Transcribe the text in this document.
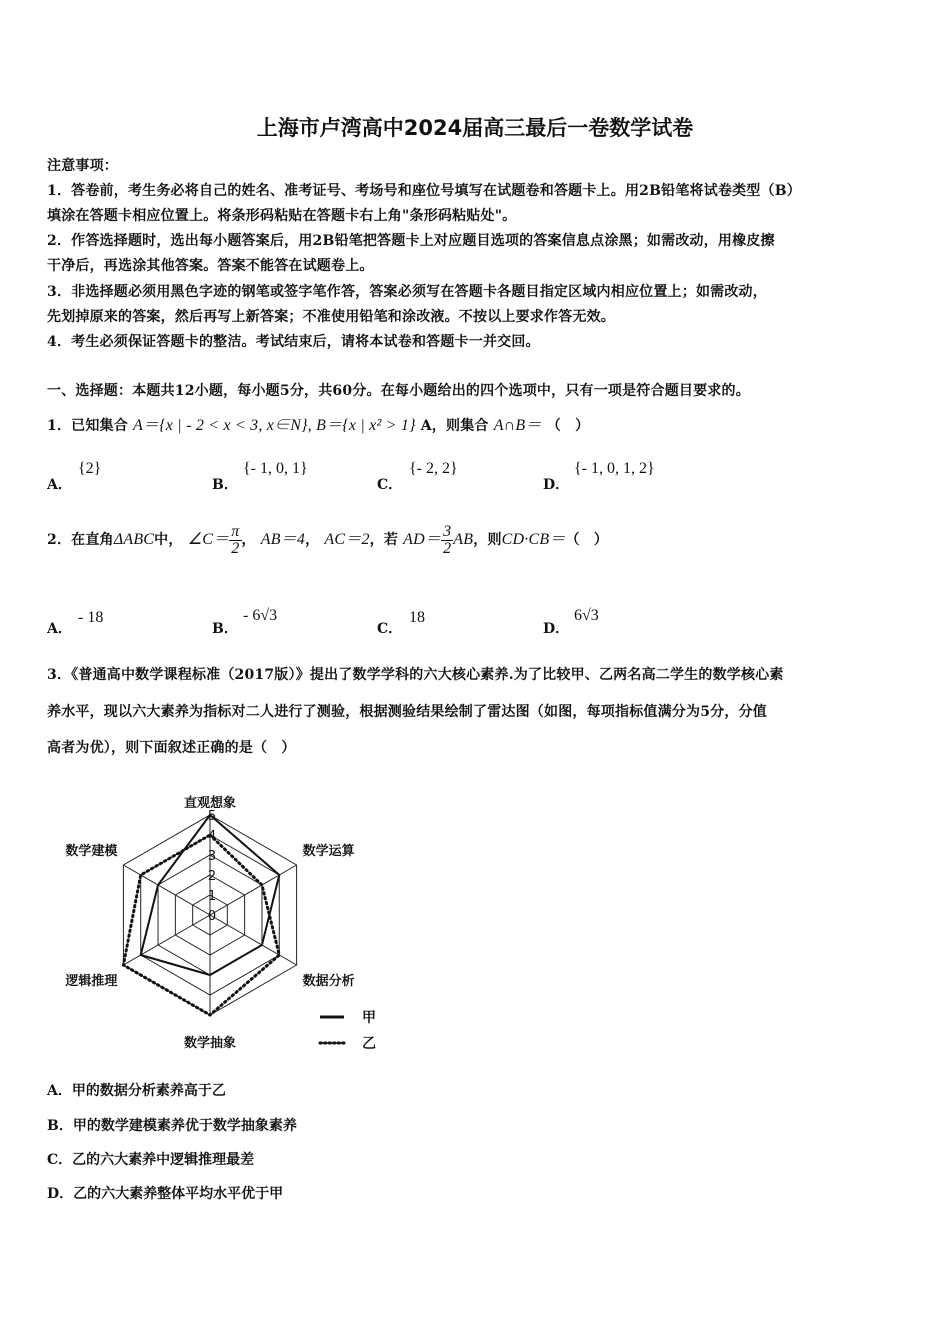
上海市卢湾高中2024届高三最后一卷数学试卷
注意事项：
1．答卷前，考生务必将自己的姓名、准考证号、考场号和座位号填写在试题卷和答题卡上。用2B铅笔将试卷类型（B）
填涂在答题卡相应位置上。将条形码粘贴在答题卡右上角"条形码粘贴处"。
2．作答选择题时，选出每小题答案后，用2B铅笔把答题卡上对应题目选项的答案信息点涂黑；如需改动，用橡皮擦
干净后，再选涂其他答案。答案不能答在试题卷上。
3．非选择题必须用黑色字迹的钢笔或签字笔作答，答案必须写在答题卡各题目指定区域内相应位置上；如需改动，
先划掉原来的答案，然后再写上新答案；不准使用铅笔和涂改液。不按以上要求作答无效。
4．考生必须保证答题卡的整洁。考试结束后，请将本试卷和答题卡一并交回。
一、选择题：本题共12小题，每小题5分，共60分。在每小题给出的四个选项中，只有一项是符合题目要求的。
1．已知集合 A＝{x | - 2 < x < 3, x∈N}, B＝{x | x² > 1} A，则集合 A∩B＝ （　）
A．
{2}
B．
{- 1, 0, 1}
C．
{- 2, 2}
D．
{- 1, 0, 1, 2}
2．在直角ΔABC中， ∠C＝ $\frac{\pi}{2}$ ， AB＝4， AC＝2，若 $AD= \frac{3}{2}$ AB，则CD·CB＝（　）
A．
- 18
B．
- 6√3
C．
18
D．
6√3
3．《普通高中数学课程标准（2017版）》提出了数学学科的六大核心素养.为了比较甲、乙两名高二学生的数学核心素
养水平，现以六大素养为指标对二人进行了测验，根据测验结果绘制了雷达图（如图，每项指标值满分为5分，分值
高者为优），则下面叙述正确的是（　）
0
1
2
3
4
5
直观想象
数学运算
数据分析
数学抽象
逻辑推理
数学建模
甲
乙
A．甲的数据分析素养高于乙
B．甲的数学建模素养优于数学抽象素养
C．乙的六大素养中逻辑推理最差
D．乙的六大素养整体平均水平优于甲
